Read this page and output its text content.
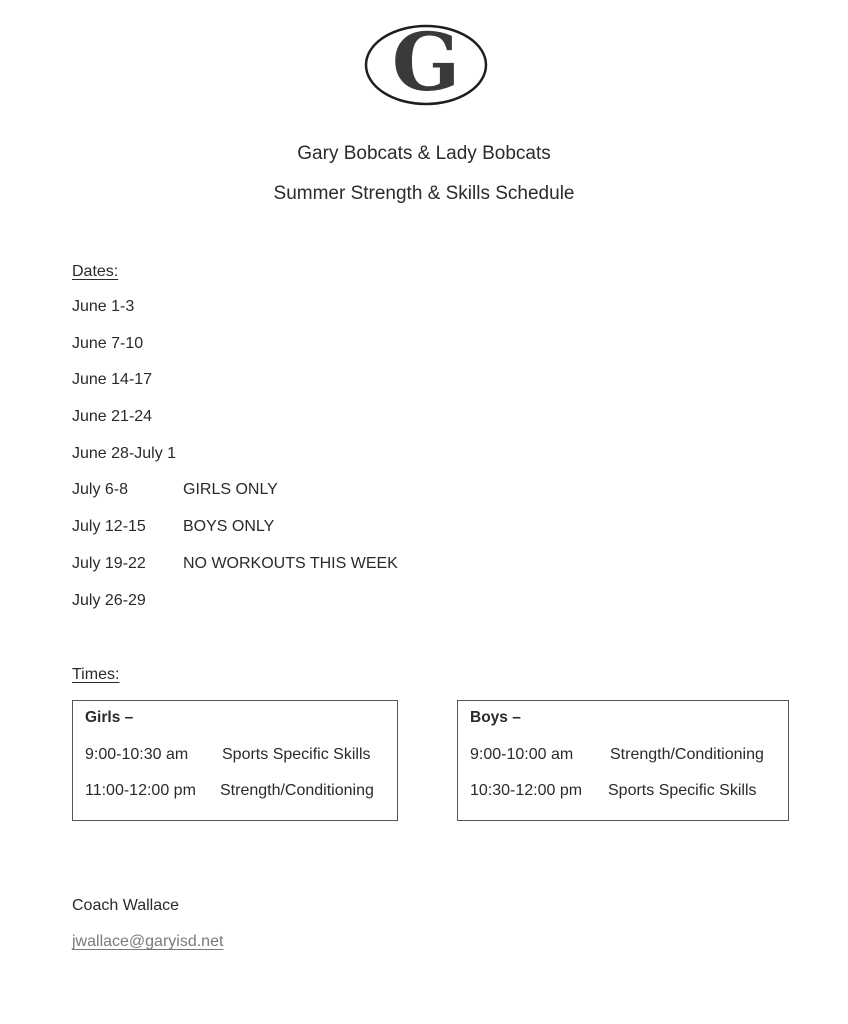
G
Gary Bobcats & Lady Bobcats
Summer Strength & Skills Schedule
Dates:
June 1-3
June 7-10
June 14-17
June 21-24
June 28-July 1
July 6-8	GIRLS ONLY
July 12-15	BOYS ONLY
July 19-22	NO WORKOUTS THIS WEEK
July 26-29
Times:
Girls –
9:00-10:30 am Sports Specific Skills
11:00-12:00 pm Strength/Conditioning
Boys –
9:00-10:00 am Strength/Conditioning
10:30-12:00 pm Sports Specific Skills
Coach Wallace
jwallace@garyisd.net
